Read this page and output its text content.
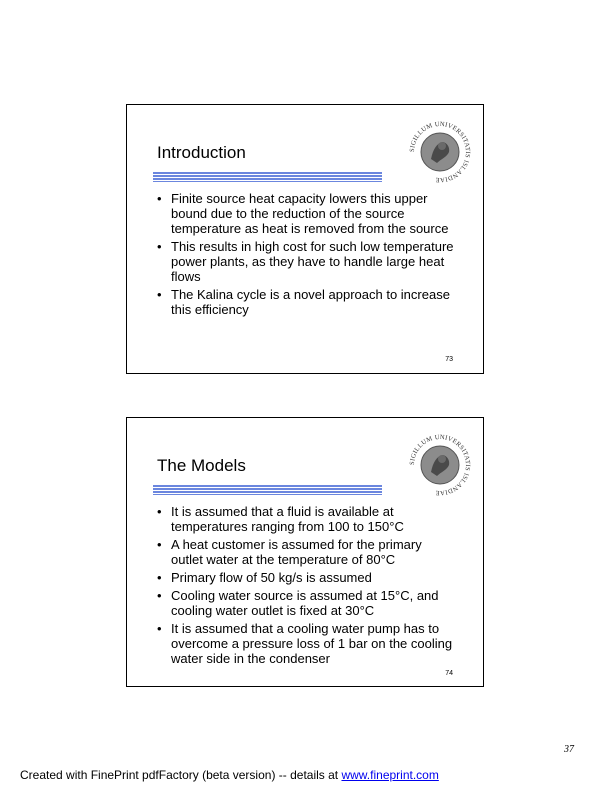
Introduction	SIGILLUM UNIVERSITATIS ISLANDIAE
• Finite source heat capacity lowers this upper bound due to the reduction of the source temperature as heat is removed from the source
• This results in high cost for such low temperature power plants, as they have to handle large heat flows
• The Kalina cycle is a novel approach to increase this efficiency
73
The Models	SIGILLUM UNIVERSITATIS ISLANDIAE
• It is assumed that a fluid is available at temperatures ranging from 100 to 150°C
• A heat customer is assumed for the primary outlet water at the temperature of 80°C
• Primary flow of 50 kg/s is assumed
• Cooling water source is assumed at 15°C, and cooling water outlet is fixed at 30°C
• It is assumed that a cooling water pump has to overcome a pressure loss of 1 bar on the cooling water side in the condenser
74
37
Created with FinePrint pdfFactory (beta version) -- details at www.fineprint.com
